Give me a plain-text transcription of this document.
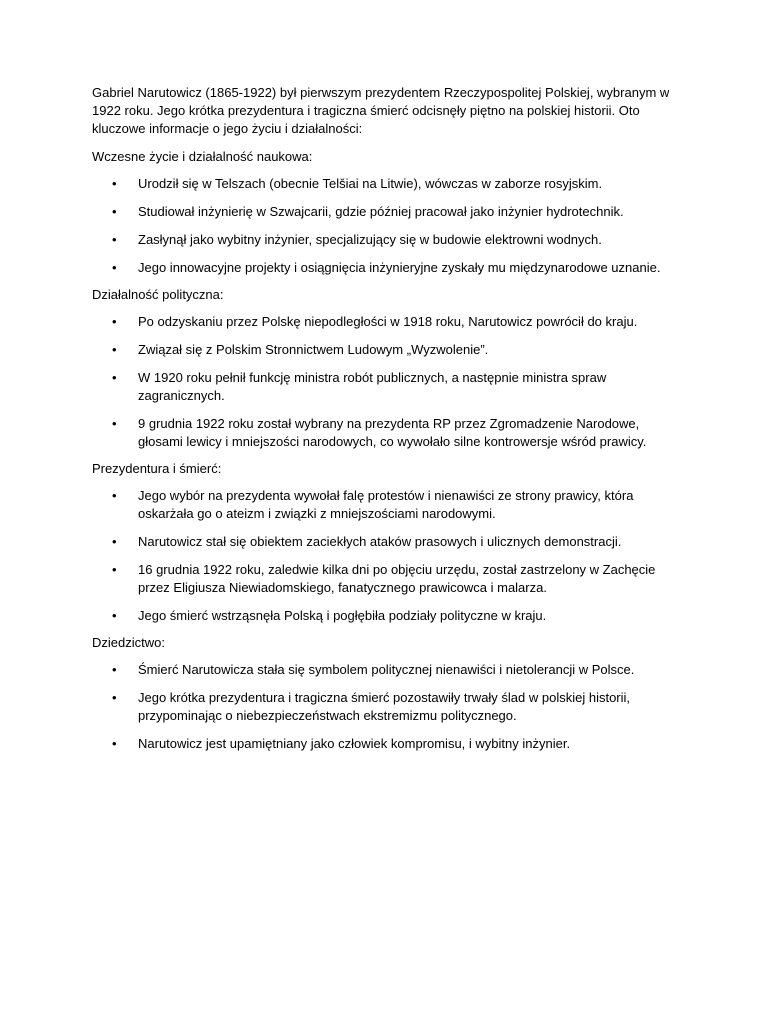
Gabriel Narutowicz (1865-1922) był pierwszym prezydentem Rzeczypospolitej Polskiej, wybranym w 1922 roku. Jego krótka prezydentura i tragiczna śmierć odcisnęły piętno na polskiej historii. Oto kluczowe informacje o jego życiu i działalności:

Wczesne życie i działalność naukowa:
• Urodził się w Telszach (obecnie Telšiai na Litwie), wówczas w zaborze rosyjskim.
• Studiował inżynierię w Szwajcarii, gdzie później pracował jako inżynier hydrotechnik.
• Zasłynął jako wybitny inżynier, specjalizujący się w budowie elektrowni wodnych.
• Jego innowacyjne projekty i osiągnięcia inżynieryjne zyskały mu międzynarodowe uznanie.
Działalność polityczna:
• Po odzyskaniu przez Polskę niepodległości w 1918 roku, Narutowicz powrócił do kraju.
• Związał się z Polskim Stronnictwem Ludowym „Wyzwolenie”.
• W 1920 roku pełnił funkcję ministra robót publicznych, a następnie ministra spraw zagranicznych.
• 9 grudnia 1922 roku został wybrany na prezydenta RP przez Zgromadzenie Narodowe, głosami lewicy i mniejszości narodowych, co wywołało silne kontrowersje wśród prawicy.
Prezydentura i śmierć:
• Jego wybór na prezydenta wywołał falę protestów i nienawiści ze strony prawicy, która oskarżała go o ateizm i związki z mniejszościami narodowymi.
• Narutowicz stał się obiektem zaciekłych ataków prasowych i ulicznych demonstracji.
• 16 grudnia 1922 roku, zaledwie kilka dni po objęciu urzędu, został zastrzelony w Zachęcie przez Eligiusza Niewiadomskiego, fanatycznego prawicowca i malarza.
• Jego śmierć wstrząsnęła Polską i pogłębiła podziały polityczne w kraju.
Dziedzictwo:
• Śmierć Narutowicza stała się symbolem politycznej nienawiści i nietolerancji w Polsce.
• Jego krótka prezydentura i tragiczna śmierć pozostawiły trwały ślad w polskiej historii, przypominając o niebezpieczeństwach ekstremizmu politycznego.
• Narutowicz jest upamiętniany jako człowiek kompromisu, i wybitny inżynier.
